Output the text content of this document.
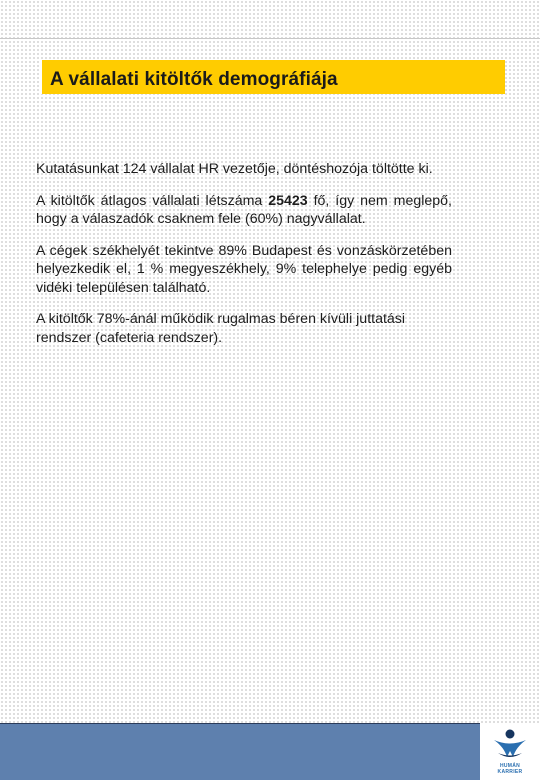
A vállalati kitöltők demográfiája

Kutatásunkat 124 vállalat HR vezetője, döntéshozója töltötte ki.

A kitöltők átlagos vállalati létszáma 25423 fő, így nem meglepő, hogy a válaszadók csaknem fele (60%) nagyvállalat.

A cégek székhelyét tekintve 89% Budapest és vonzáskörzetében helyezkedik el, 1 % megyeszékhely, 9% telephelye pedig egyéb vidéki településen található.

A kitöltők 78%-ánál működik rugalmas béren kívüli juttatási rendszer (cafeteria rendszer).

HUMÁN
KARRIER
